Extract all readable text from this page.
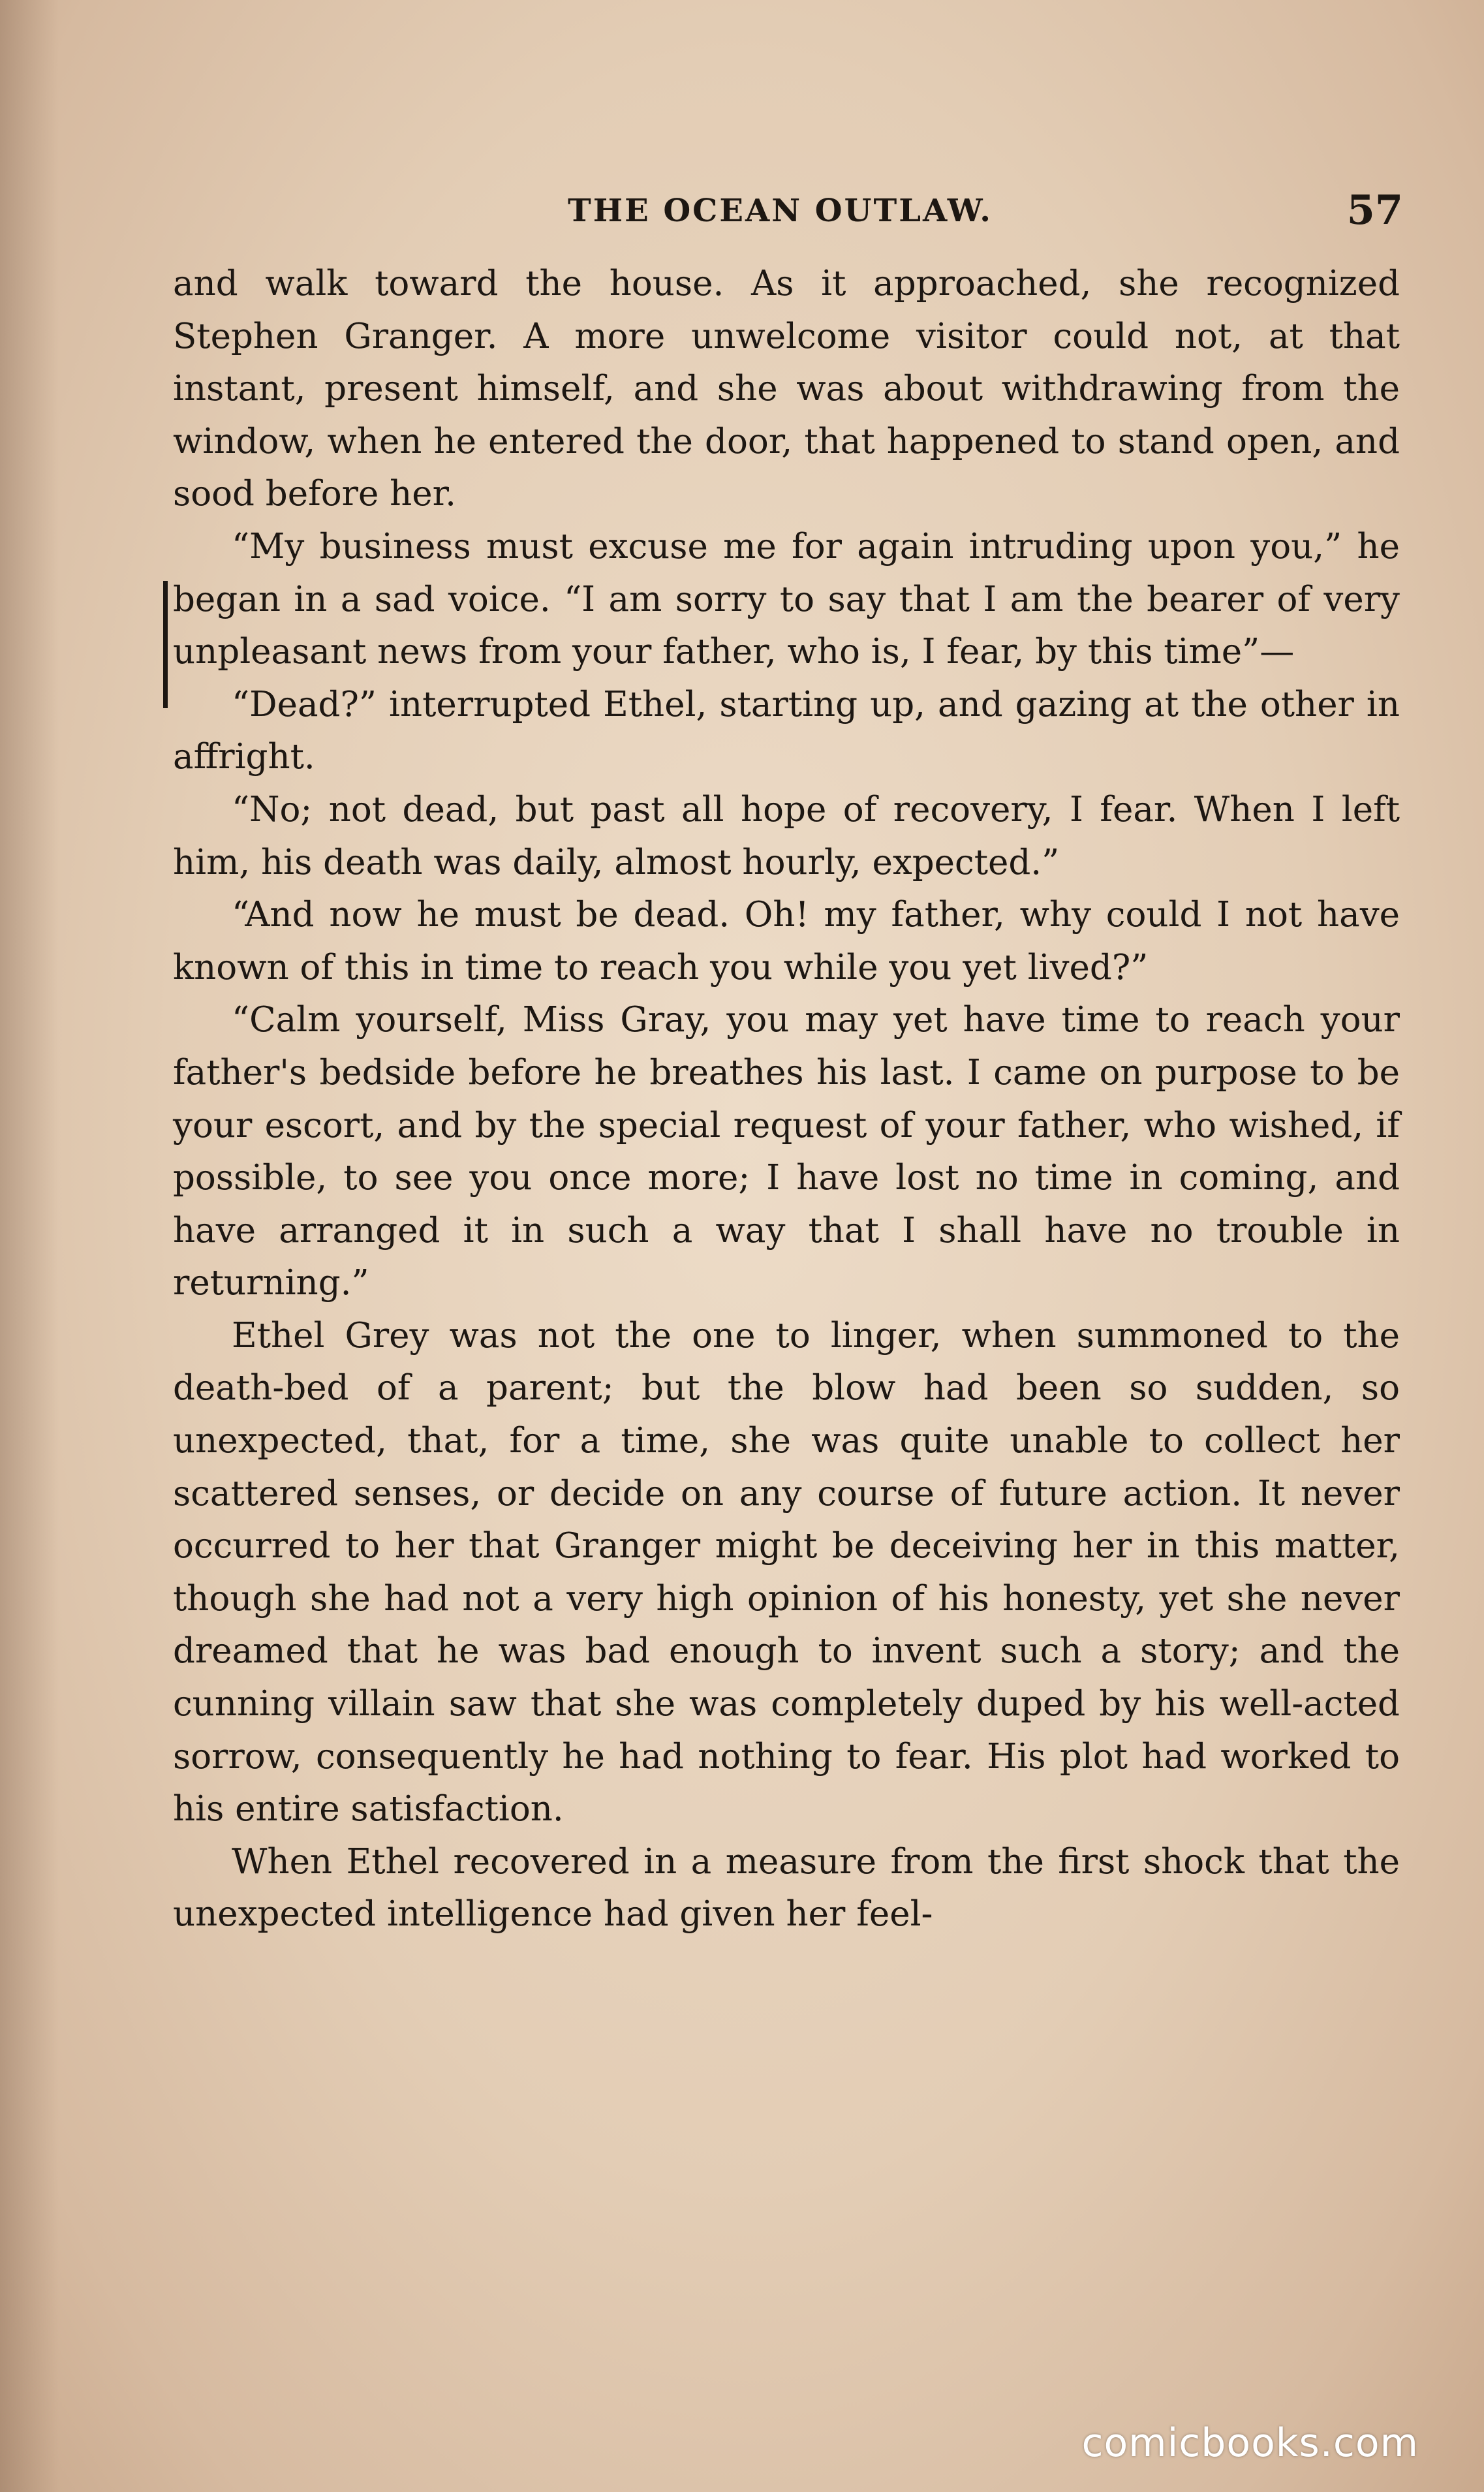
THE OCEAN OUTLAW.	57

and walk toward the house. As it approached, she recognized Stephen Granger. A more unwelcome visitor could not, at that instant, present himself, and she was about withdrawing from the window, when he entered the door, that happened to stand open, and sood before her.

“My business must excuse me for again intruding upon you,” he began in a sad voice. “I am sorry to say that I am the bearer of very unpleasant news from your father, who is, I fear, by this time”—

“Dead?” interrupted Ethel, starting up, and gazing at the other in affright.

“No; not dead, but past all hope of recovery, I fear. When I left him, his death was daily, almost hourly, expected.”

“And now he must be dead. Oh! my father, why could I not have known of this in time to reach you while you yet lived?”

“Calm yourself, Miss Gray, you may yet have time to reach your father's bedside before he breathes his last. I came on purpose to be your escort, and by the special request of your father, who wished, if possible, to see you once more; I have lost no time in coming, and have arranged it in such a way that I shall have no trouble in returning.”

Ethel Grey was not the one to linger, when summoned to the death-bed of a parent; but the blow had been so sudden, so unexpected, that, for a time, she was quite unable to collect her scattered senses, or decide on any course of future action. It never occurred to her that Granger might be deceiving her in this matter, though she had not a very high opinion of his honesty, yet she never dreamed that he was bad enough to invent such a story; and the cunning villain saw that she was completely duped by his well-acted sorrow, consequently he had nothing to fear. His plot had worked to his entire satisfaction.

When Ethel recovered in a measure from the first shock that the unexpected intelligence had given her feel-

comicbooks.com
